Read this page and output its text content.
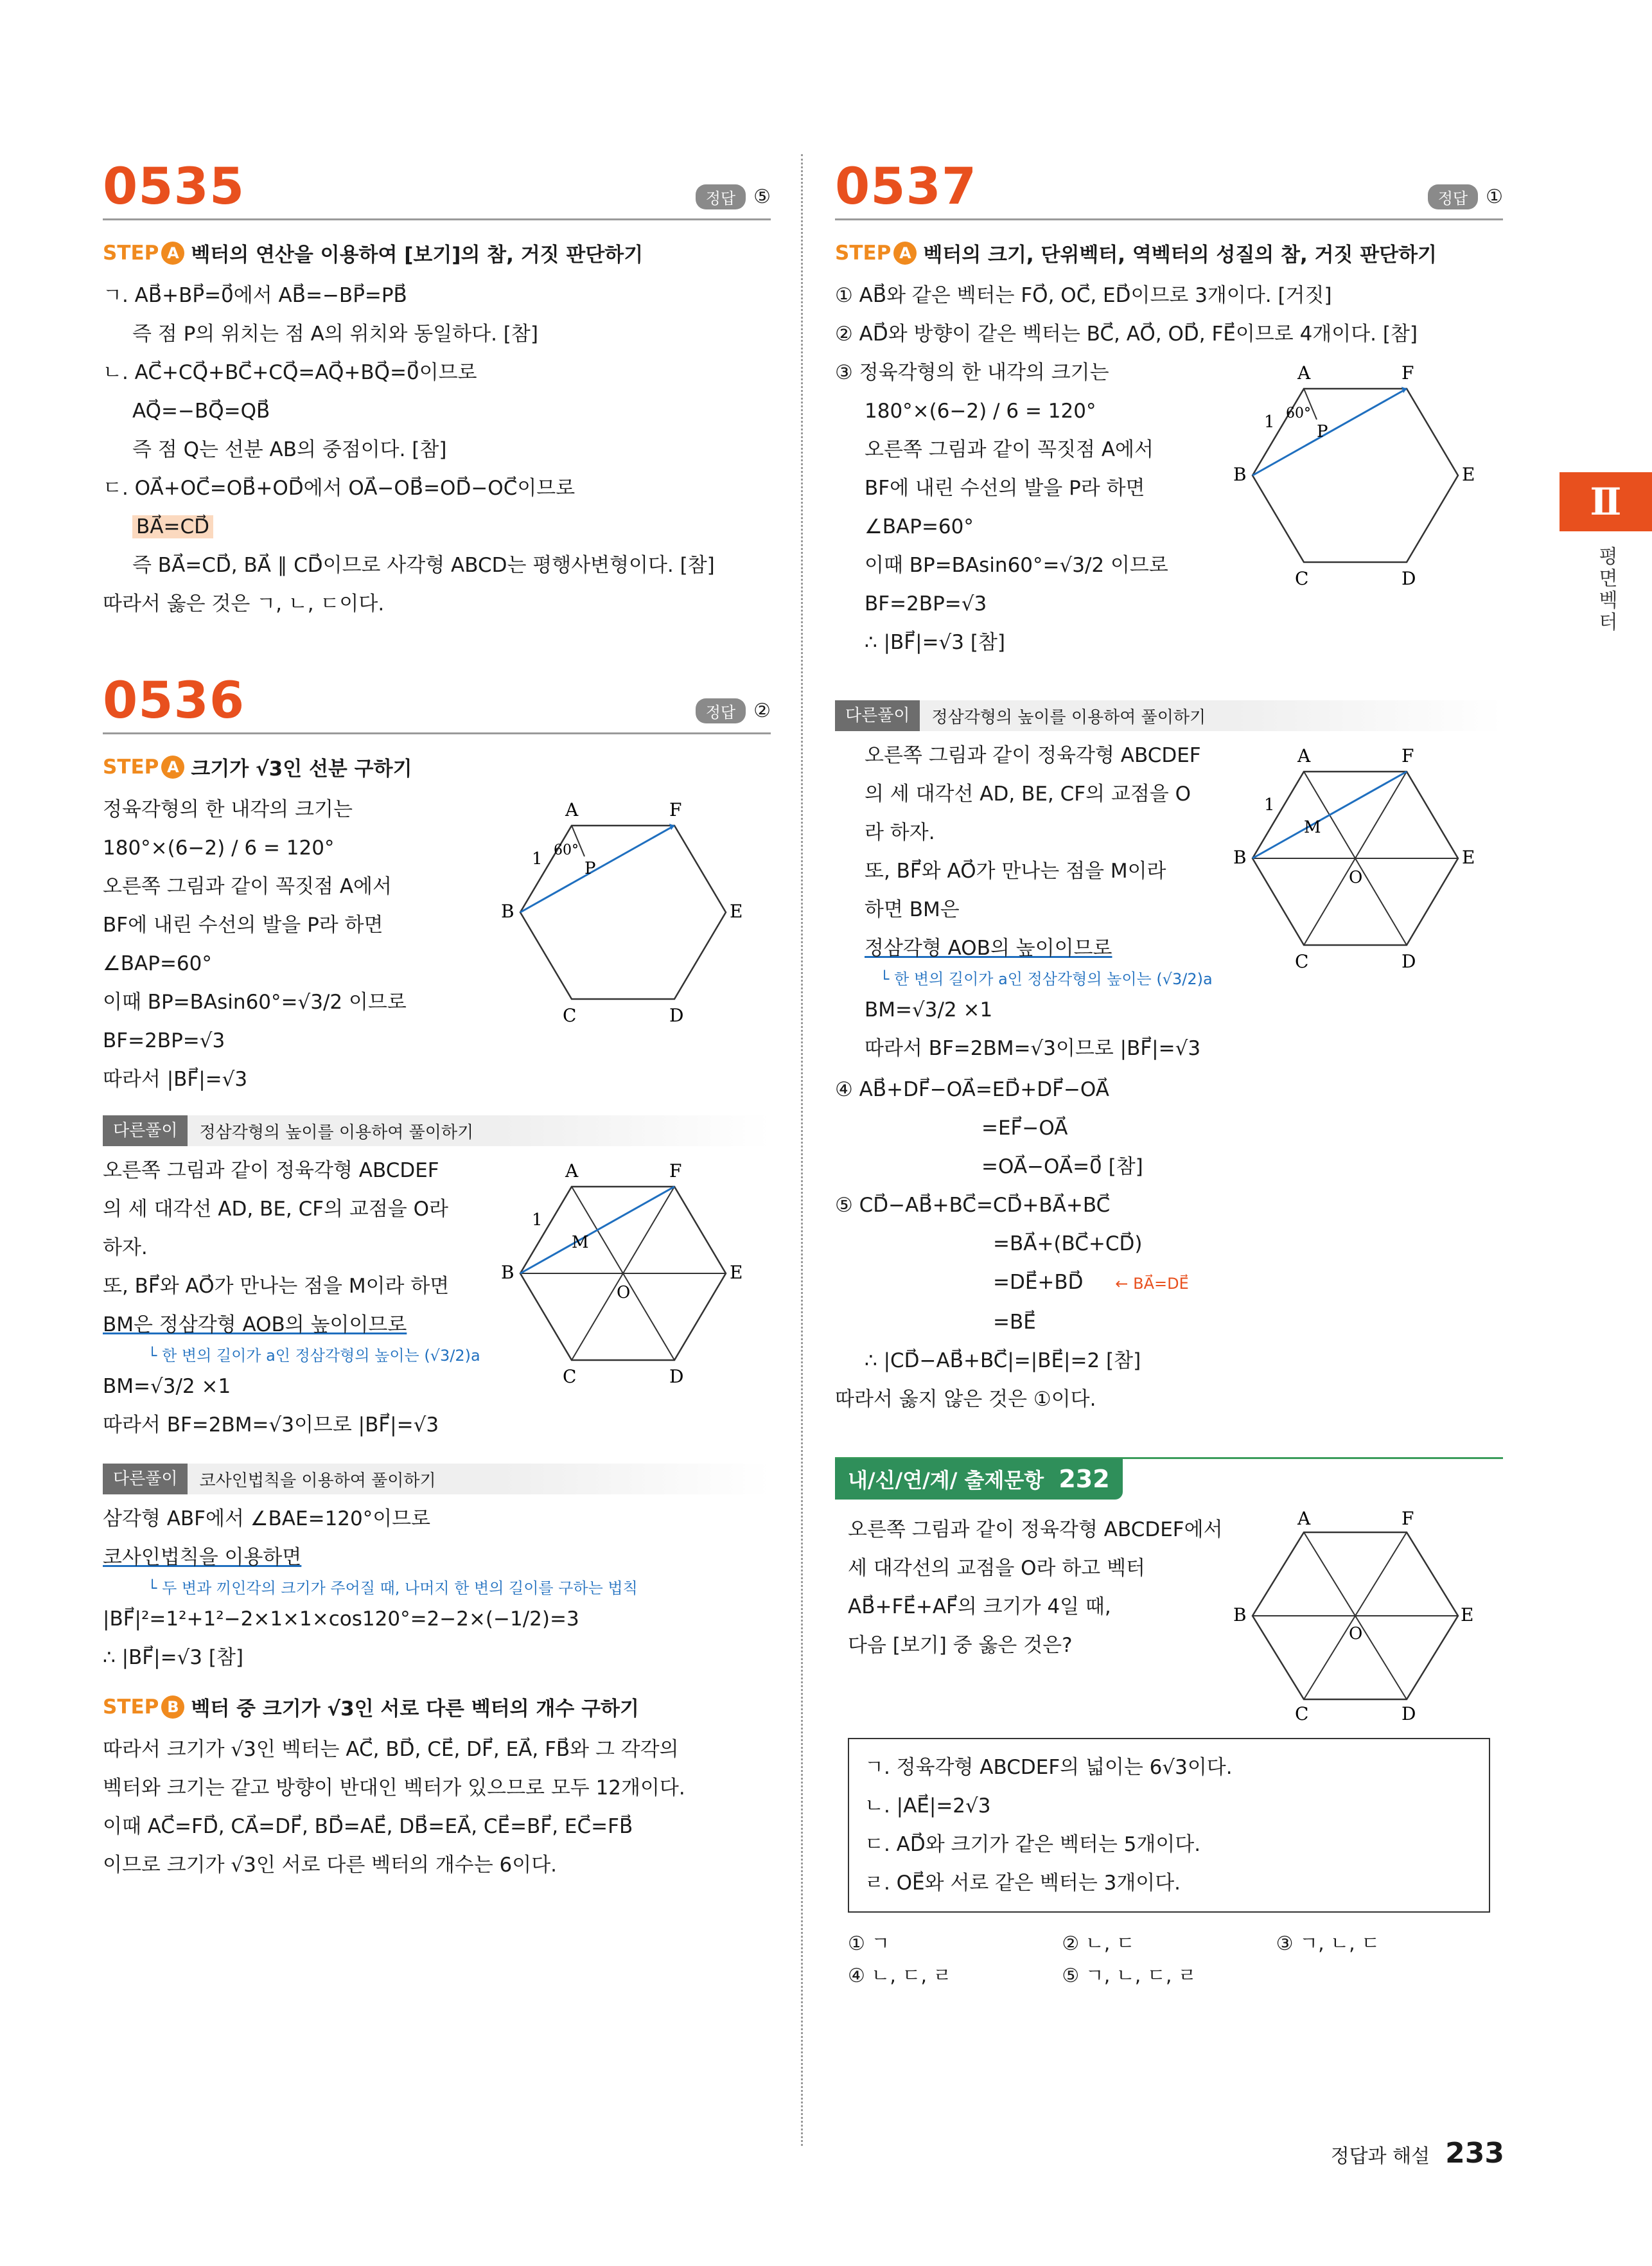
0535	정답 ⑤
STEP A 벡터의 연산을 이용하여 [보기]의 참, 거짓 판단하기
ㄱ. AB⃗+BP⃗=0⃗에서 AB⃗=−BP⃗=PB⃗
즉 점 P의 위치는 점 A의 위치와 동일하다. [참]
ㄴ. AC⃗+CQ⃗+BC⃗+CQ⃗=AQ⃗+BQ⃗=0⃗이므로
AQ⃗=−BQ⃗=QB⃗
즉 점 Q는 선분 AB의 중점이다. [참]
ㄷ. OA⃗+OC⃗=OB⃗+OD⃗에서 OA⃗−OB⃗=OD⃗−OC⃗이므로
BA⃗=CD⃗
즉 BA⃗=CD⃗, BA⃗ ∥ CD⃗이므로 사각형 ABCD는 평행사변형이다. [참]
따라서 옳은 것은 ㄱ, ㄴ, ㄷ이다.
0536	정답 ②
STEP A 크기가 √3인 선분 구하기
정육각형의 한 내각의 크기는
180°×(6−2) / 6 = 120°
오른쪽 그림과 같이 꼭짓점 A에서
BF에 내린 수선의 발을 P라 하면
∠BAP=60°
이때 BP=BAsin60°=√3/2 이므로
BF=2BP=√3
따라서 |BF⃗|=√3
A	F
B	E
C	D
P
1 60°
다른풀이	정삼각형의 높이를 이용하여 풀이하기
오른쪽 그림과 같이 정육각형 ABCDEF
의 세 대각선 AD, BE, CF의 교점을 O라
하자.
또, BF⃗와 AO⃗가 만나는 점을 M이라 하면
BM은 정삼각형 AOB의 높이이므로
└ 한 변의 길이가 a인 정삼각형의 높이는 (√3/2)a
BM=√3/2 ×1
따라서 BF=2BM=√3이므로 |BF⃗|=√3
A	F
B	E
C	D
O
M
1
다른풀이	코사인법칙을 이용하여 풀이하기
삼각형 ABF에서 ∠BAE=120°이므로
코사인법칙을 이용하면
└ 두 변과 끼인각의 크기가 주어질 때, 나머지 한 변의 길이를 구하는 법칙
|BF⃗|²=1²+1²−2×1×1×cos120°=2−2×(−1/2)=3
∴ |BF⃗|=√3 [참]
STEP B 벡터 중 크기가 √3인 서로 다른 벡터의 개수 구하기
따라서 크기가 √3인 벡터는 AC⃗, BD⃗, CE⃗, DF⃗, EA⃗, FB⃗와 그 각각의
벡터와 크기는 같고 방향이 반대인 벡터가 있으므로 모두 12개이다.
이때 AC⃗=FD⃗, CA⃗=DF⃗, BD⃗=AE⃗, DB⃗=EA⃗, CE⃗=BF⃗, EC⃗=FB⃗
이므로 크기가 √3인 서로 다른 벡터의 개수는 6이다.
0537	정답 ①
STEP A 벡터의 크기, 단위벡터, 역벡터의 성질의 참, 거짓 판단하기
① AB⃗와 같은 벡터는 FO⃗, OC⃗, ED⃗이므로 3개이다. [거짓]
② AD⃗와 방향이 같은 벡터는 BC⃗, AO⃗, OD⃗, FE⃗이므로 4개이다. [참]
③ 정육각형의 한 내각의 크기는
180°×(6−2) / 6 = 120°
오른쪽 그림과 같이 꼭짓점 A에서
BF에 내린 수선의 발을 P라 하면
∠BAP=60°
이때 BP=BAsin60°=√3/2 이므로
BF=2BP=√3
∴ |BF⃗|=√3 [참]
A	F
B	E
C	D
P
1 60°
다른풀이	정삼각형의 높이를 이용하여 풀이하기
오른쪽 그림과 같이 정육각형 ABCDEF
의 세 대각선 AD, BE, CF의 교점을 O
라 하자.
또, BF⃗와 AO⃗가 만나는 점을 M이라
하면 BM은
정삼각형 AOB의 높이이므로
└ 한 변의 길이가 a인 정삼각형의 높이는 (√3/2)a
BM=√3/2 ×1
따라서 BF=2BM=√3이므로 |BF⃗|=√3
A	F
B	E
C	D
O
M
1
④ AB⃗+DF⃗−OA⃗=ED⃗+DF⃗−OA⃗
=EF⃗−OA⃗
=OA⃗−OA⃗=0⃗ [참]
⑤ CD⃗−AB⃗+BC⃗=CD⃗+BA⃗+BC⃗
=BA⃗+(BC⃗+CD⃗)
=DE⃗+BD⃗ ← BA⃗=DE⃗
=BE⃗
∴ |CD⃗−AB⃗+BC⃗|=|BE⃗|=2 [참]
따라서 옳지 않은 것은 ①이다.
내/신/연/계/ 출제문항 232
오른쪽 그림과 같이 정육각형 ABCDEF에서
세 대각선의 교점을 O라 하고 벡터
AB⃗+FE⃗+AF⃗의 크기가 4일 때,
다음 [보기] 중 옳은 것은?
A	F
B	E
C	D
O
ㄱ. 정육각형 ABCDEF의 넓이는 6√3이다.
ㄴ. |AE⃗|=2√3
ㄷ. AD⃗와 크기가 같은 벡터는 5개이다.
ㄹ. OE⃗와 서로 같은 벡터는 3개이다.
① ㄱ	② ㄴ, ㄷ	③ ㄱ, ㄴ, ㄷ
④ ㄴ, ㄷ, ㄹ	⑤ ㄱ, ㄴ, ㄷ, ㄹ
Ⅱ
평면벡터
정답과 해설 233
